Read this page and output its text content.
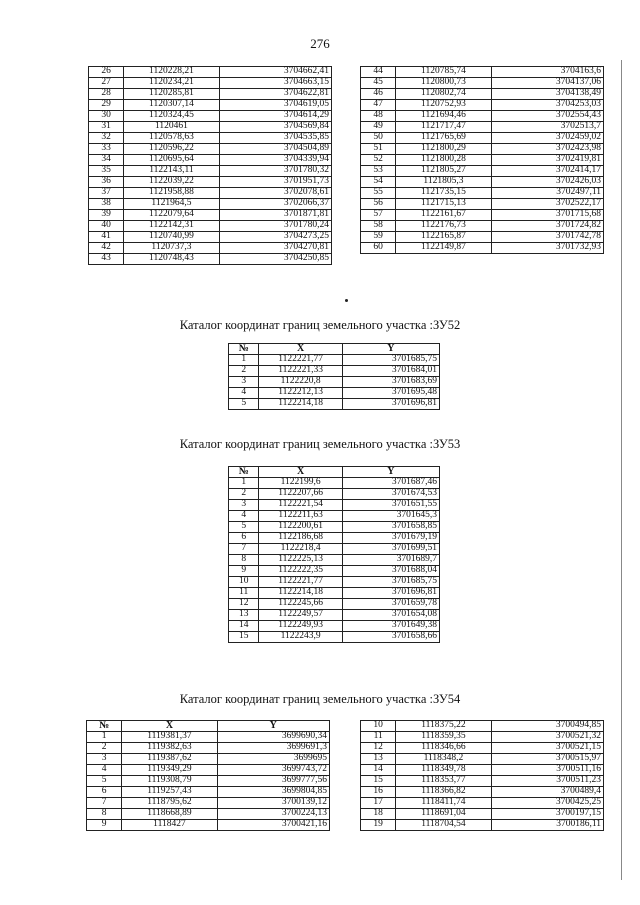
276
26	1120228,21	3704662,41
27	1120234,21	3704663,15
28	1120285,81	3704622,81
29	1120307,14	3704619,05
30	1120324,45	3704614,29
31	1120461	3704569,84
32	1120578,63	3704535,85
33	1120596,22	3704504,89
34	1120695,64	3704339,94
35	1122143,11	3701780,32
36	1122039,22	3701951,73
37	1121958,88	3702078,61
38	1121964,5	3702066,37
39	1122079,64	3701871,81
40	1122142,31	3701780,24
41	1120740,99	3704273,25
42	1120737,3	3704270,81
43	1120748,43	3704250,85
44	1120785,74	3704163,6
45	1120800,73	3704137,06
46	1120802,74	3704138,49
47	1120752,93	3704253,03
48	1121694,46	3702554,43
49	1121717,47	3702513,7
50	1121765,69	3702459,02
51	1121800,29	3702423,98
52	1121800,28	3702419,81
53	1121805,27	3702414,17
54	1121805,3	3702426,03
55	1121735,15	3702497,11
56	1121715,13	3702522,17
57	1122161,67	3701715,68
58	1122176,73	3701724,82
59	1122165,87	3701742,78
60	1122149,87	3701732,93
Каталог координат границ земельного участка :ЗУ52
№	X	Y
1	1122221,77	3701685,75
2	1122221,33	3701684,01
3	1122220,8	3701683,69
4	1122212,13	3701695,48
5	1122214,18	3701696,81
Каталог координат границ земельного участка :ЗУ53
№	X	Y
1	1122199,6	3701687,46
2	1122207,66	3701674,53
3	1122221,54	3701651,55
4	1122211,63	3701645,3
5	1122200,61	3701658,85
6	1122186,68	3701679,19
7	1122218,4	3701699,51
8	1122225,13	3701689,7
9	1122222,35	3701688,04
10	1122221,77	3701685,75
11	1122214,18	3701696,81
12	1122245,66	3701659,78
13	1122249,57	3701654,08
14	1122249,93	3701649,38
15	1122243,9	3701658,66
Каталог координат границ земельного участка :ЗУ54
№	X	Y
1	1119381,37	3699690,34
2	1119382,63	3699691,3
3	1119387,62	3699695
4	1119349,29	3699743,72
5	1119308,79	3699777,56
6	1119257,43	3699804,85
7	1118795,62	3700139,12
8	1118668,89	3700224,13
9	1118427	3700421,16
10	1118375,22	3700494,85
11	1118359,35	3700521,32
12	1118346,66	3700521,15
13	1118348,2	3700515,97
14	1118349,78	3700511,16
15	1118353,77	3700511,23
16	1118366,82	3700489,4
17	1118411,74	3700425,25
18	1118691,04	3700197,15
19	1118704,54	3700186,11
